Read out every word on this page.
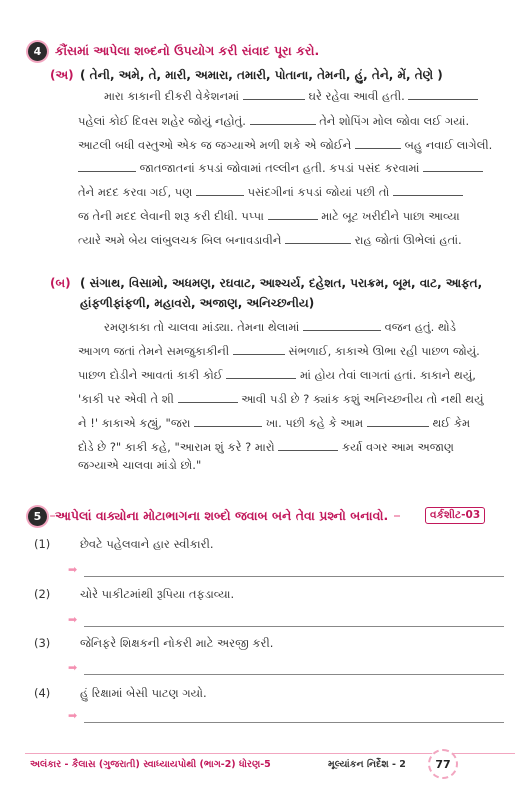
4 કૌંસમાં આપેલા શબ્દનો ઉપયોગ કરી સંવાદ પૂરા કરો.
(અ) ( તેની, અમે, તે, મારી, અમારા, તમારી, પોતાના, તેમની, હું, તેને, મેં, તેણે )
મારા કાકાની દીકરી વેકેશનમાં	ઘરે રહેવા આવી હતી.
પહેલાં કોઈ દિવસ શહેર જોયું નહોતું.	તેને શોપિંગ મોલ જોવા લઈ ગયાં.
આટલી બધી વસ્તુઓ એક જ જગ્યાએ મળી શકે એ જોઈને	બહુ નવાઈ લાગેલી.
જાતજાતનાં કપડાં જોવામાં તલ્લીન હતી. કપડાં પસંદ કરવામાં
તેને મદદ કરવા ગઈ, પણ	પસંદગીનાં કપડાં જોયાં પછી તો
જ તેની મદદ લેવાની શરૂ કરી દીધી. પપ્પા	માટે બૂટ ખરીદીને પાછા આવ્યા
ત્યારે અમે બેય લાંબુલચક બિલ બનાવડાવીને	રાહ જોતાં ઊભેલાં હતાં.
(બ) ( સંગાથ, વિસામો, અધમણ, રઘવાટ, આશ્ચર્ય, દહેશત, પરાક્રમ, બૂમ, વાટ, આફત,
હાંફળીફાંફળી, મહાવરો, અજાણ, અનિચ્છનીય)
રમણકાકા તો ચાલવા માંડ્યા. તેમના થેલામાં	વજન હતું. થોડે
આગળ જતાં તેમને સમજુકાકીની	સંભળાઈ, કાકાએ ઊભા રહી પાછળ જોયું.
પાછળ દોડીને આવતાં કાકી કોઈ	માં હોય તેવાં લાગતાં હતાં. કાકાને થયું,
'કાકી પર એવી તે શી	આવી પડી છે ? ક્યાંક કશું અનિચ્છનીય તો નથી થયું
ને !' કાકાએ કહ્યું, "જરા	ખા. પછી કહે કે આમ	થઈ કેમ
દોડે છે ?" કાકી કહે, "આરામ શું કરે ? મારો	કર્યા વગર આમ અજાણ
જગ્યાએ ચાલવા માંડો છો."
5 આપેલાં વાક્યોના મોટાભાગના શબ્દો જવાબ બને તેવા પ્રશ્નો બનાવો.	વર્કશીટ-03
(1)	છેવટે પહેલવાને હાર સ્વીકારી.
➡
(2)	ચોરે પાકીટમાંથી રૂપિયા તફડાવ્યા.
➡
(3)	જેનિફરે શિક્ષકની નોકરી માટે અરજી કરી.
➡
(4)	હું રિક્ષામાં બેસી પાટણ ગયો.
➡
અલંકાર - કૈલાસ (ગુજરાતી) સ્વાધ્યાયપોથી (ભાગ-2) ધોરણ-5	મૂલ્યાંકન નિર્દેશ - 2	77
